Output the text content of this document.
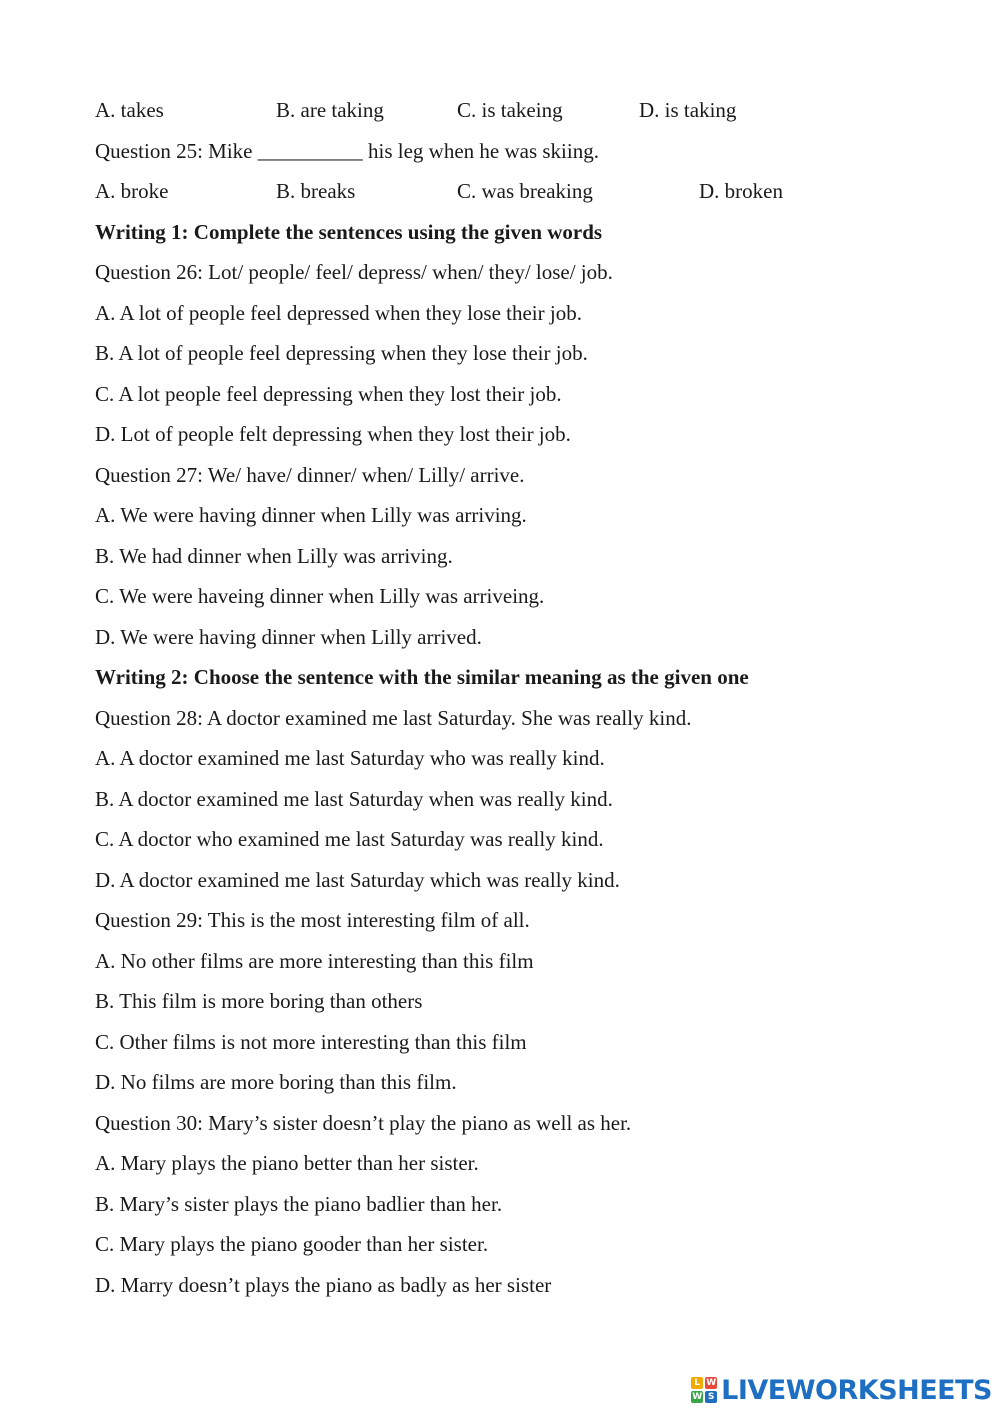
A. takes	B. are taking	C. is takeing	D. is taking
Question 25: Mike __________ his leg when he was skiing.
A. broke	B. breaks	C. was breaking	D. broken
Writing 1: Complete the sentences using the given words
Question 26: Lot/ people/ feel/ depress/ when/ they/ lose/ job.
A. A lot of people feel depressed when they lose their job.
B. A lot of people feel depressing when they lose their job.
C. A lot people feel depressing when they lost their job.
D. Lot of people felt depressing when they lost their job.
Question 27: We/ have/ dinner/ when/ Lilly/ arrive.
A. We were having dinner when Lilly was arriving.
B. We had dinner when Lilly was arriving.
C. We were haveing dinner when Lilly was arriveing.
D. We were having dinner when Lilly arrived.
Writing 2: Choose the sentence with the similar meaning as the given one
Question 28: A doctor examined me last Saturday. She was really kind.
A. A doctor examined me last Saturday who was really kind.
B. A doctor examined me last Saturday when was really kind.
C. A doctor who examined me last Saturday was really kind.
D. A doctor examined me last Saturday which was really kind.
Question 29: This is the most interesting film of all.
A. No other films are more interesting than this film
B. This film is more boring than others
C. Other films is not more interesting than this film
D. No films are more boring than this film.
Question 30: Mary’s sister doesn’t play the piano as well as her.
A. Mary plays the piano better than her sister.
B. Mary’s sister plays the piano badlier than her.
C. Mary plays the piano gooder than her sister.
D. Marry doesn’t plays the piano as badly as her sister
L W
W S LIVEWORKSHEETS
